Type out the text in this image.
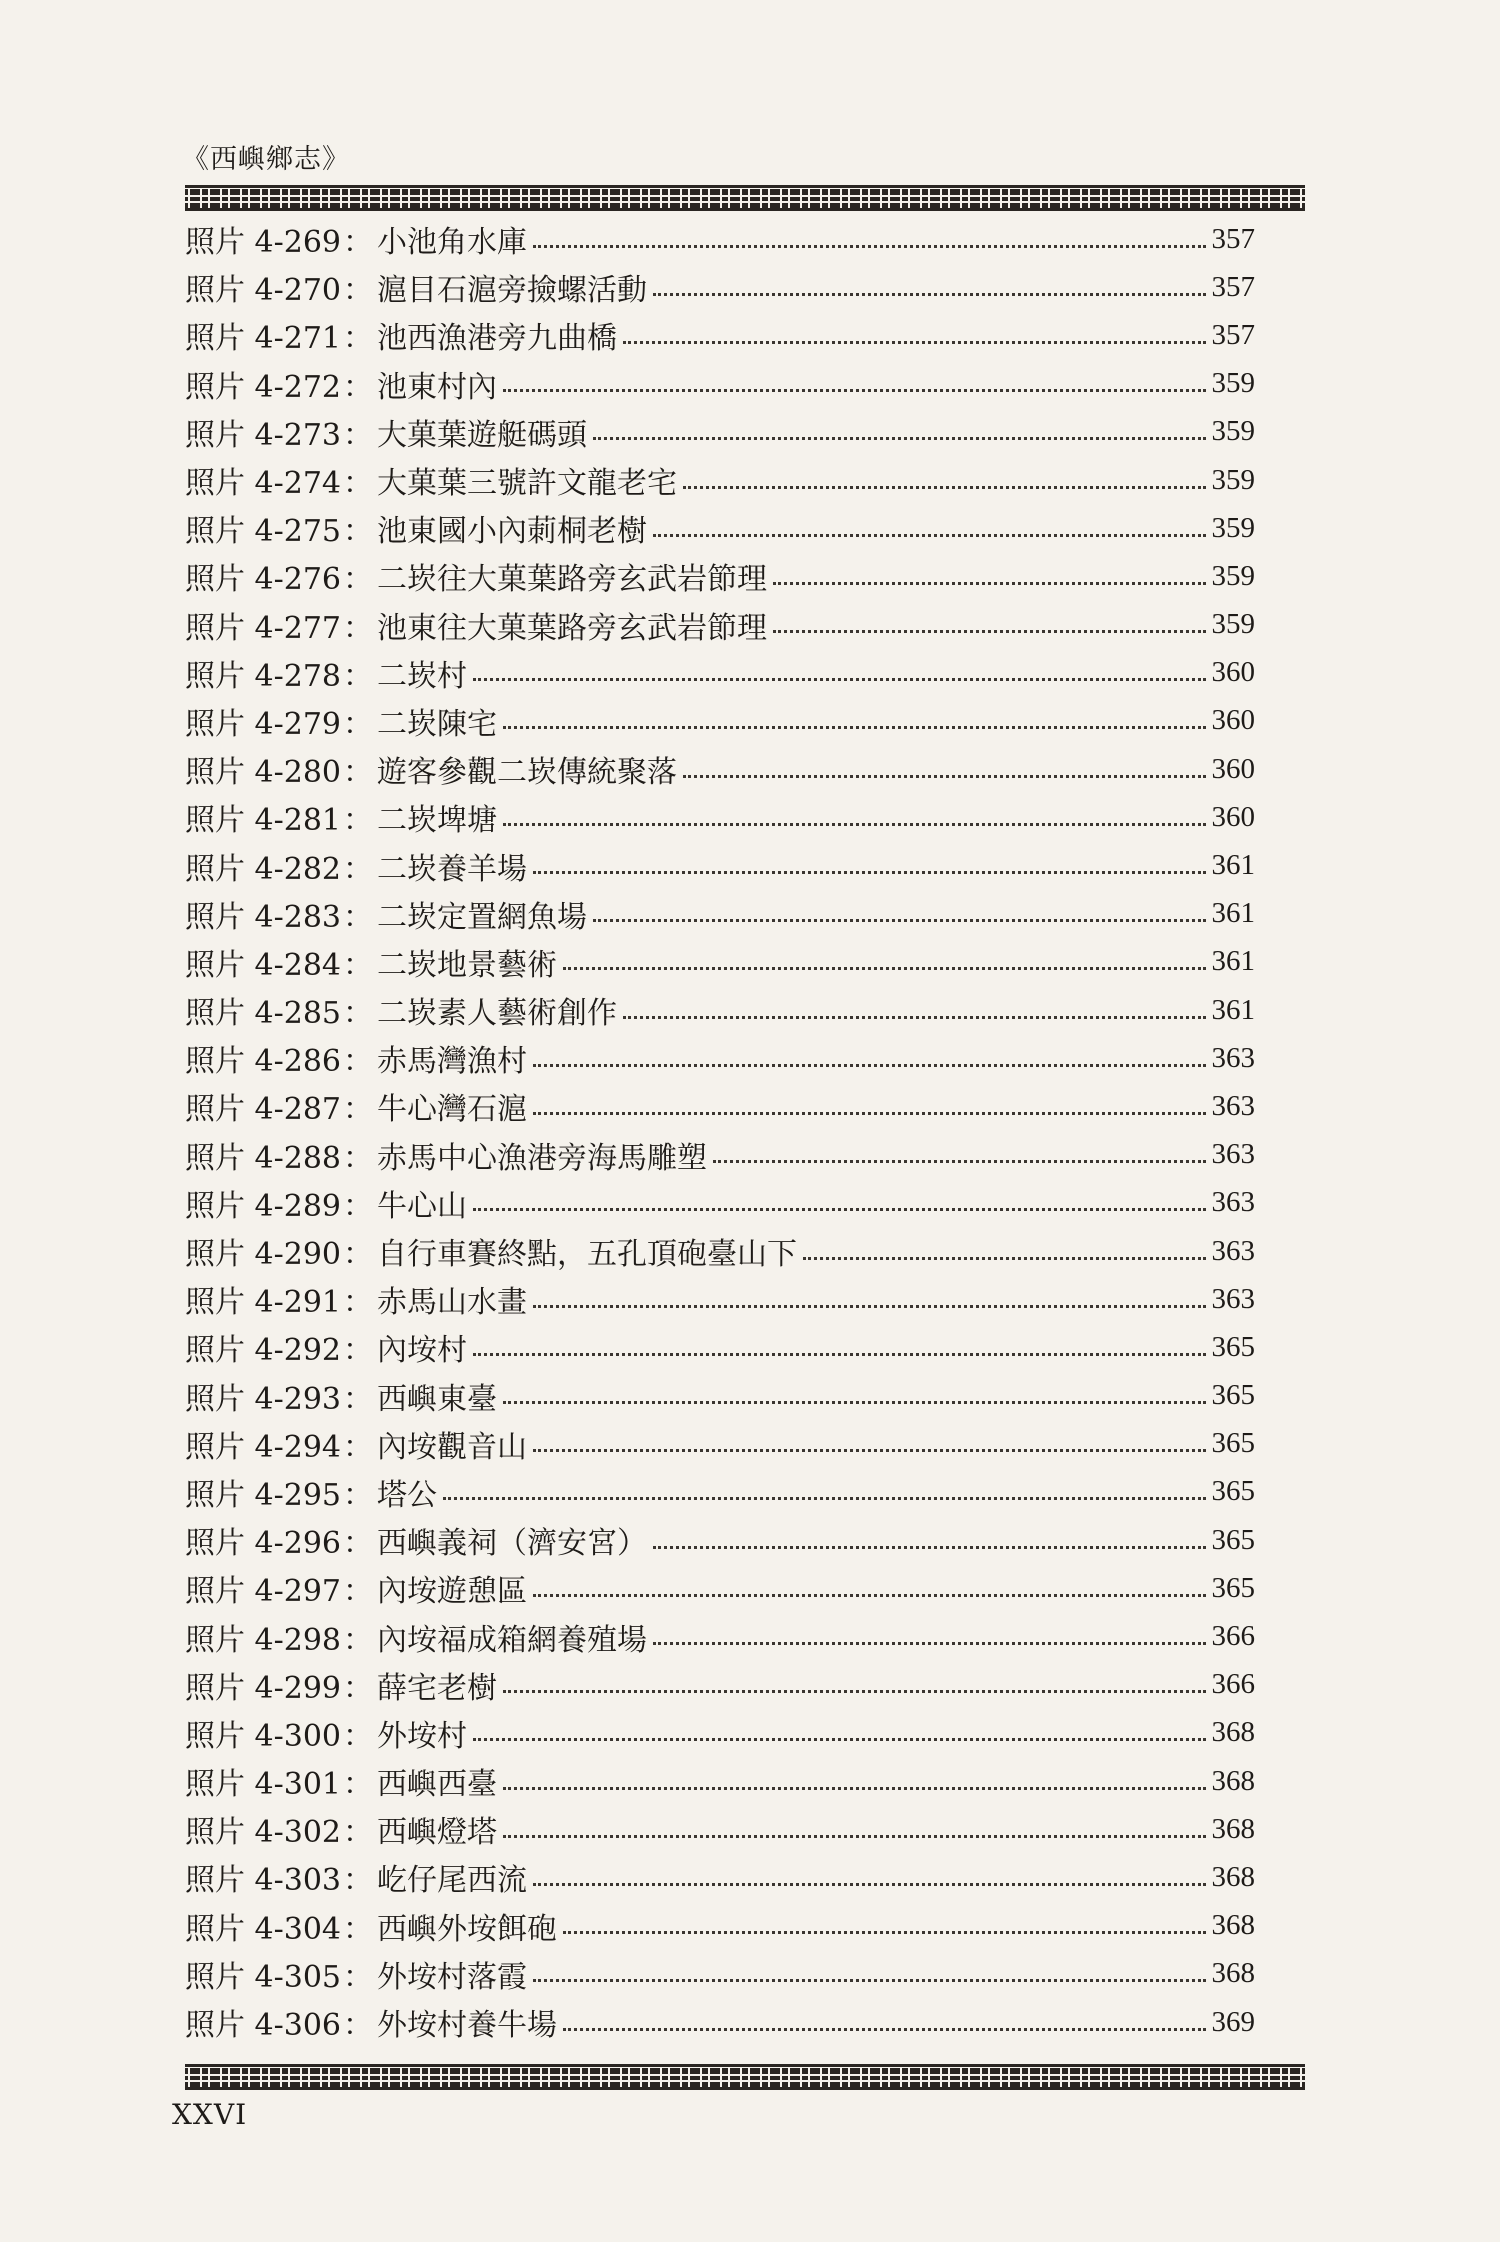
《西嶼鄉志》
照片 4-269 ： 小池角水庫	357
照片 4-270 ： 滬目石滬旁撿螺活動	357
照片 4-271 ： 池西漁港旁九曲橋	357
照片 4-272 ： 池東村內	359
照片 4-273 ： 大菓葉遊艇碼頭	359
照片 4-274 ： 大菓葉三號許文龍老宅	359
照片 4-275 ： 池東國小內莿桐老樹	359
照片 4-276 ： 二崁往大菓葉路旁玄武岩節理	359
照片 4-277 ： 池東往大菓葉路旁玄武岩節理	359
照片 4-278 ： 二崁村	360
照片 4-279 ： 二崁陳宅	360
照片 4-280 ： 遊客參觀二崁傳統聚落	360
照片 4-281 ： 二崁埤塘	360
照片 4-282 ： 二崁養羊場	361
照片 4-283 ： 二崁定置網魚場	361
照片 4-284 ： 二崁地景藝術	361
照片 4-285 ： 二崁素人藝術創作	361
照片 4-286 ： 赤馬灣漁村	363
照片 4-287 ： 牛心灣石滬	363
照片 4-288 ： 赤馬中心漁港旁海馬雕塑	363
照片 4-289 ： 牛心山	363
照片 4-290 ： 自行車賽終點，五孔頂砲臺山下	363
照片 4-291 ： 赤馬山水畫	363
照片 4-292 ： 內垵村	365
照片 4-293 ： 西嶼東臺	365
照片 4-294 ： 內垵觀音山	365
照片 4-295 ： 塔公	365
照片 4-296 ： 西嶼義祠（濟安宮）	365
照片 4-297 ： 內垵遊憩區	365
照片 4-298 ： 內垵福成箱網養殖場	366
照片 4-299 ： 薛宅老樹	366
照片 4-300 ： 外垵村	368
照片 4-301 ： 西嶼西臺	368
照片 4-302 ： 西嶼燈塔	368
照片 4-303 ： 屹仔尾西流	368
照片 4-304 ： 西嶼外垵餌砲	368
照片 4-305 ： 外垵村落霞	368
照片 4-306 ： 外垵村養牛場	369
XXVI
